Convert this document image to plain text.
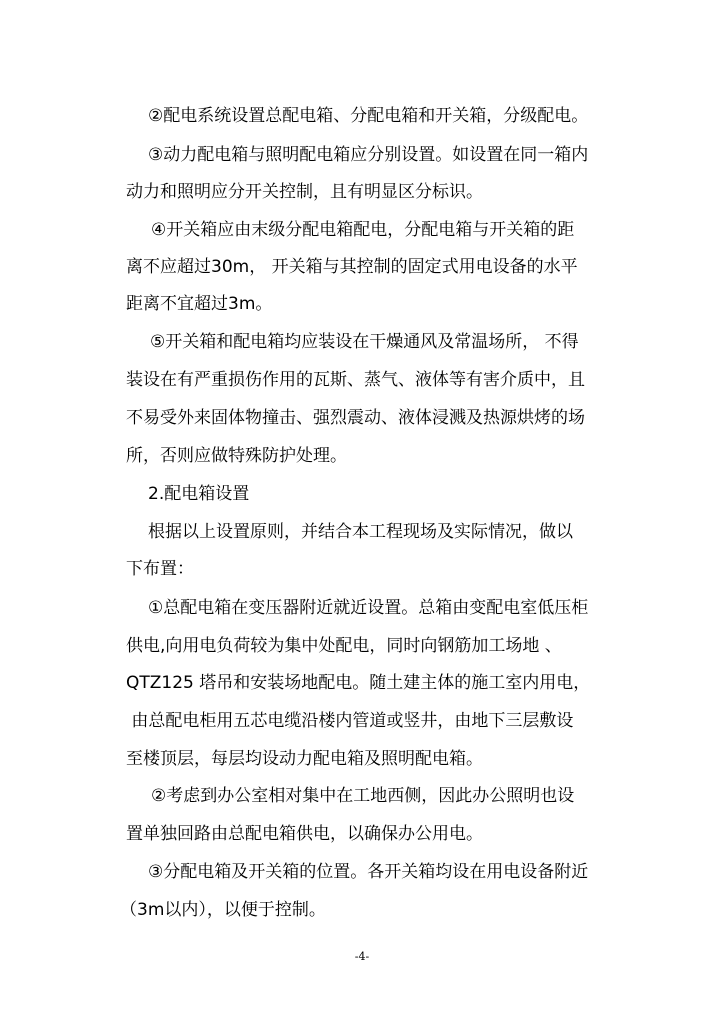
②配电系统设置总配电箱、分配电箱和开关箱，分级配电。
③动力配电箱与照明配电箱应分别设置。如设置在同一箱内
动力和照明应分开关控制，且有明显区分标识。
④开关箱应由末级分配电箱配电，分配电箱与开关箱的距
离不应超过30m， 开关箱与其控制的固定式用电设备的水平
距离不宜超过3m。
⑤开关箱和配电箱均应装设在干燥通风及常温场所， 不得
装设在有严重损伤作用的瓦斯、蒸气、液体等有害介质中，且
不易受外来固体物撞击、强烈震动、液体浸溅及热源烘烤的场
所，否则应做特殊防护处理。
2.配电箱设置
根据以上设置原则，并结合本工程现场及实际情况，做以
下布置：
①总配电箱在变压器附近就近设置。总箱由变配电室低压柜
供电,向用电负荷较为集中处配电，同时向钢筋加工场地 、
QTZ125 塔吊和安装场地配电。随土建主体的施工室内用电，
由总配电柜用五芯电缆沿楼内管道或竖井，由地下三层敷设
至楼顶层，每层均设动力配电箱及照明配电箱。
②考虑到办公室相对集中在工地西侧，因此办公照明也设
置单独回路由总配电箱供电，以确保办公用电。
③分配电箱及开关箱的位置。各开关箱均设在用电设备附近
（3m以内），以便于控制。
-4-
